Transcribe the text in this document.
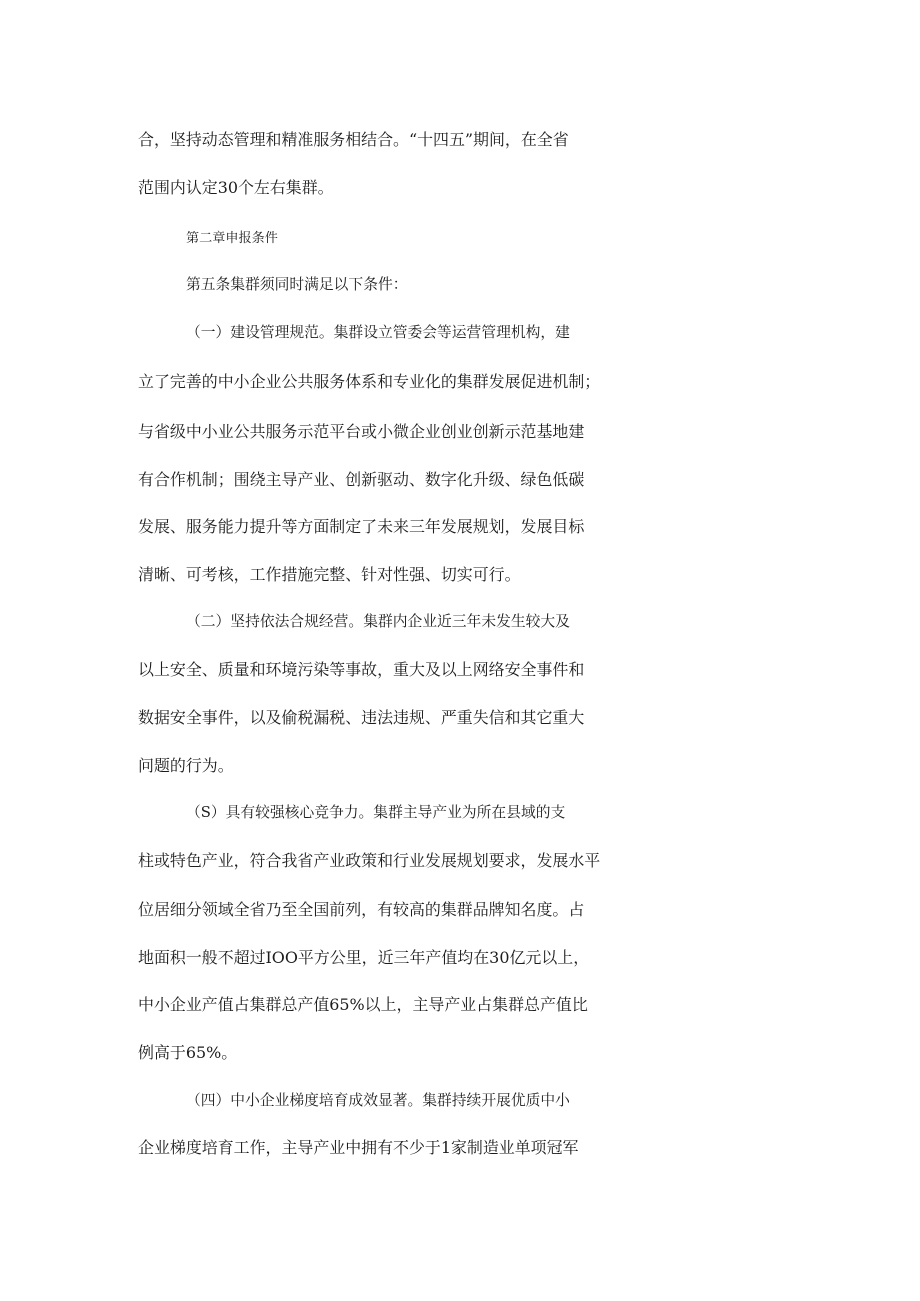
合，坚持动态管理和精准服务相结合。“十四五”期间，在全省

范围内认定30个左右集群。

第二章申报条件

第五条集群须同时满足以下条件：

（一）建设管理规范。集群设立管委会等运营管理机构，建

立了完善的中小企业公共服务体系和专业化的集群发展促进机制；

与省级中小业公共服务示范平台或小微企业创业创新示范基地建

有合作机制；围绕主导产业、创新驱动、数字化升级、绿色低碳

发展、服务能力提升等方面制定了未来三年发展规划，发展目标

清晰、可考核，工作措施完整、针对性强、切实可行。

（二）坚持依法合规经营。集群内企业近三年未发生较大及

以上安全、质量和环境污染等事故，重大及以上网络安全事件和

数据安全事件，以及偷税漏税、违法违规、严重失信和其它重大

问题的行为。

（S）具有较强核心竞争力。集群主导产业为所在县域的支

柱或特色产业，符合我省产业政策和行业发展规划要求，发展水平

位居细分领域全省乃至全国前列，有较高的集群品牌知名度。占

地面积一般不超过IOO平方公里，近三年产值均在30亿元以上，

中小企业产值占集群总产值65%以上，主导产业占集群总产值比

例高于65%。

（四）中小企业梯度培育成效显著。集群持续开展优质中小

企业梯度培育工作，主导产业中拥有不少于1家制造业单项冠军
